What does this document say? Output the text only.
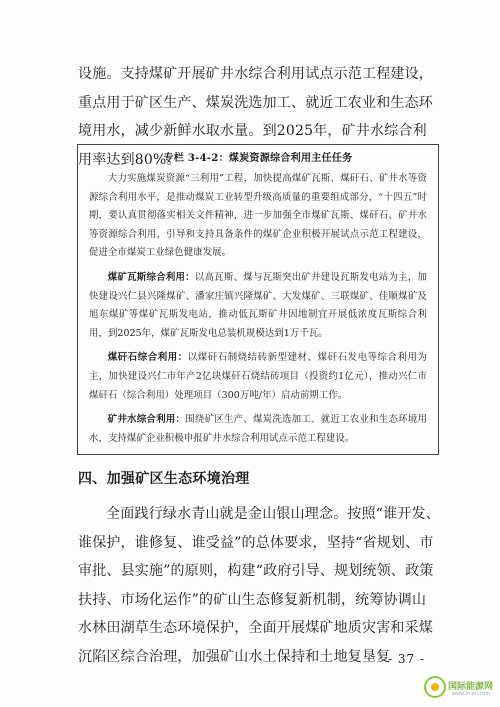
设施。支持煤矿开展矿井水综合利用试点示范工程建设，重点用于矿区生产、煤炭洗选加工、就近工农业和生态环境用水，减少新鲜水取水量。到2025年，矿井水综合利用率达到80%。
专栏 3-4-2：煤炭资源综合利用主任任务

大力实施煤炭资源“三利用”工程，加快提高煤矿瓦斯、煤矸石、矿井水等资源综合利用水平，是推动煤炭工业转型升级高质量的重要组成部分，“十四五”时期，要认真贯彻落实相关文件精神，进一步加强全市煤矿瓦斯、煤矸石、矿井水等资源综合利用，引导和支持具备条件的煤矿企业积极开展试点示范工程建设，促进全市煤炭工业绿色健康发展。

煤矿瓦斯综合利用：以高瓦斯、煤与瓦斯突出矿井建设瓦斯发电站为主，加快建设兴仁县兴隆煤矿、潘家庄镇兴隆煤矿、大发煤矿、三联煤矿、佳顺煤矿及旭东煤矿等煤矿瓦斯发电站，推动低瓦斯矿井因地制宜开展低浓度瓦斯综合利用，到2025年，煤矿瓦斯发电总装机规模达到1万千瓦。

煤矸石综合利用：以煤矸石制烧结砖新型建材、煤矸石发电等综合利用为主，加快建设兴仁市年产2亿块煤矸石烧结砖项目（投资约1亿元），推动兴仁市煤矸石（综合利用）处理项目（300万吨/年）启动前期工作。

矿井水综合利用：围绕矿区生产、煤炭洗选加工、就近工农业和生态环境用水，支持煤矿企业积极申报矿井水综合利用试点示范工程建设。

四、加强矿区生态环境治理
全面践行绿水青山就是金山银山理念。按照“谁开发、谁保护，谁修复、谁受益”的总体要求，坚持“省规划、市审批、县实施”的原则，构建“政府引导、规划统领、政策扶持、市场化运作”的矿山生态修复新机制，统筹协调山水林田湖草生态环境保护，全面开展煤矿地质灾害和采煤沉陷区综合治理，加强矿山水土保持和土地复垦复
- 37 -
国际能源网
www.in-en.com
